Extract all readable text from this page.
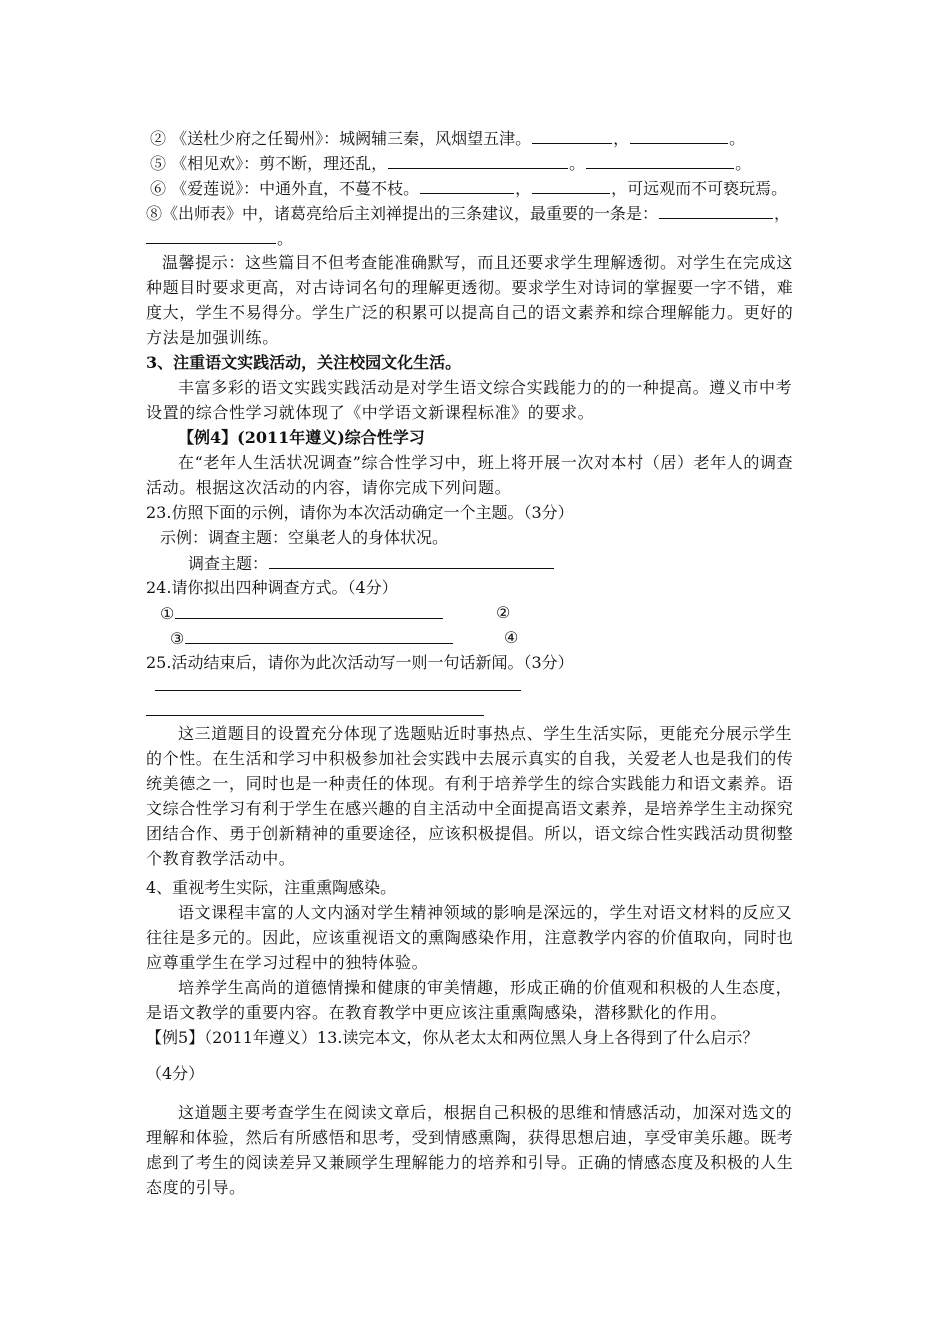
② 《送杜少府之任蜀州》：城阙辅三秦，风烟望五津。	，	。
⑤ 《相见欢》：剪不断，理还乱，	。	。
⑥ 《爱莲说》：中通外直，不蔓不枝。	，	，可远观而不可亵玩焉。
⑧《出师表》中，诸葛亮给后主刘禅提出的三条建议，最重要的一条是：	，
。
温馨提示：这些篇目不但考查能准确默写，而且还要求学生理解透彻。对学生在完成这种题目时要求更高，对古诗词名句的理解更透彻。要求学生对诗词的掌握要一字不错，难度大，学生不易得分。学生广泛的积累可以提高自己的语文素养和综合理解能力。更好的方法是加强训练。
3、注重语文实践活动，关注校园文化生活。
丰富多彩的语文实践实践活动是对学生语文综合实践能力的的一种提高。遵义市中考设置的综合性学习就体现了《中学语文新课程标准》的要求。
【例4】(2011年遵义)综合性学习
在“老年人生活状况调查”综合性学习中，班上将开展一次对本村（居）老年人的调查活动。根据这次活动的内容，请你完成下列问题。
23.仿照下面的示例，请你为本次活动确定一个主题。（3分）
示例：调查主题：空巢老人的身体状况。
调查主题：
24.请你拟出四种调查方式。（4分）
①	②
③	④
25.活动结束后，请你为此次活动写一则一句话新闻。（3分）
这三道题目的设置充分体现了选题贴近时事热点、学生生活实际，更能充分展示学生的个性。在生活和学习中积极参加社会实践中去展示真实的自我，关爱老人也是我们的传统美德之一，同时也是一种责任的体现。有利于培养学生的综合实践能力和语文素养。语文综合性学习有利于学生在感兴趣的自主活动中全面提高语文素养，是培养学生主动探究团结合作、勇于创新精神的重要途径，应该积极提倡。所以，语文综合性实践活动贯彻整个教育教学活动中。
4、重视考生实际，注重熏陶感染。
语文课程丰富的人文内涵对学生精神领域的影响是深远的，学生对语文材料的反应又往往是多元的。因此，应该重视语文的熏陶感染作用，注意教学内容的价值取向，同时也应尊重学生在学习过程中的独特体验。
培养学生高尚的道德情操和健康的审美情趣，形成正确的价值观和积极的人生态度，是语文教学的重要内容。在教育教学中更应该注重熏陶感染，潜移默化的作用。
【例5】（2011年遵义）13.读完本文，你从老太太和两位黑人身上各得到了什么启示？
（4分）
这道题主要考查学生在阅读文章后，根据自己积极的思维和情感活动，加深对选文的理解和体验，然后有所感悟和思考，受到情感熏陶，获得思想启迪，享受审美乐趣。既考虑到了考生的阅读差异又兼顾学生理解能力的培养和引导。正确的情感态度及积极的人生态度的引导。
